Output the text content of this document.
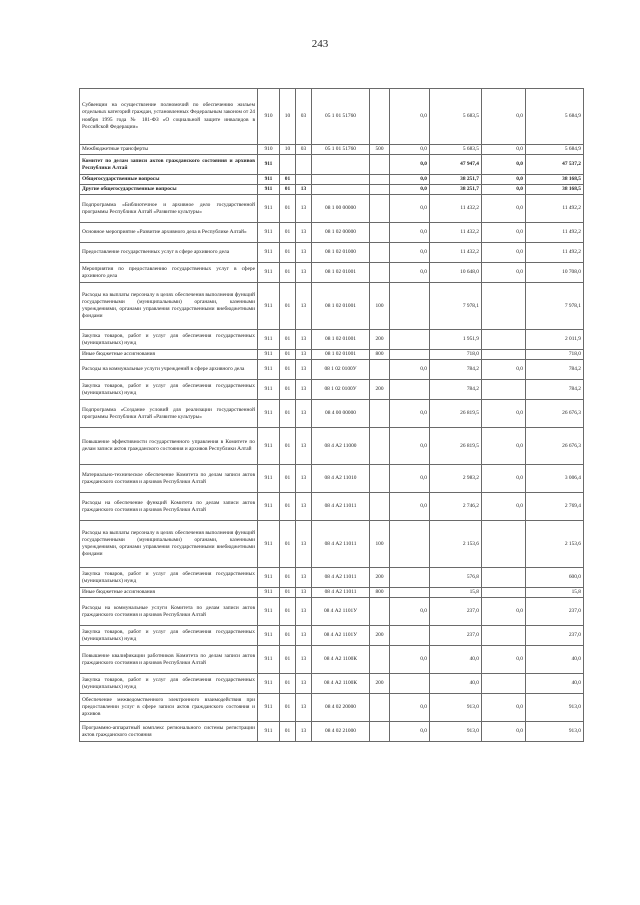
243
Субвенции на осуществление полномочий по обеспечению жильем отдельных категорий граждан, установленных Федеральным законом от 24 ноября 1995 года № 181-ФЗ «О социальной защите инвалидов в Российской Федерации»	910	10	03	05 1 01 51760		0,0	5 683,5	0,0	5 684,9
Межбюджетные трансферты	910	10	03	05 1 01 51760	500	0,0	5 683,5	0,0	5 684,9
Комитет по делам записи актов гражданского состояния и архивов Республики Алтай	911					0,0	47 947,4	0,0	47 537,2
Общегосударственные вопросы	911	01				0,0	38 251,7	0,0	38 168,5
Другие общегосударственные вопросы	911	01	13			0,0	38 251,7	0,0	38 168,5
Подпрограмма «Библиотечное и архивное дело государственной программы Республики Алтай «Развитие культуры»	911	01	13	08 1 00 00000		0,0	11 432,2	0,0	11 492,2
Основное мероприятие «Развитие архивного дела в Республике Алтай»	911	01	13	08 1 02 00000		0,0	11 432,2	0,0	11 492,2
Предоставление государственных услуг в сфере архивного дела	911	01	13	08 1 02 01000		0,0	11 432,2	0,0	11 492,2
Мероприятия по предоставлению государственных услуг в сфере архивного дела	911	01	13	08 1 02 01001		0,0	10 648,0	0,0	10 708,0
Расходы на выплаты персоналу в целях обеспечения выполнения функций государственными (муниципальными) органами, казенными учреждениями, органами управления государственными внебюджетными фондами	911	01	13	08 1 02 01001	100		7 978,1		7 978,1
Закупка товаров, работ и услуг для обеспечения государственных (муниципальных) нужд	911	01	13	08 1 02 01001	200		1 951,9		2 011,9
Иные бюджетные ассигнования	911	01	13	08 1 02 01001	800		718,0		718,0
Расходы на коммунальные услуги учреждений в сфере архивного дела	911	01	13	08 1 02 0100У		0,0	784,2	0,0	784,2
Закупка товаров, работ и услуг для обеспечения государственных (муниципальных) нужд	911	01	13	08 1 02 0100У	200		784,2		784,2
Подпрограмма «Создание условий для реализации государственной программы Республики Алтай «Развитие культуры»	911	01	13	08 4 00 00000		0,0	26 819,5	0,0	26 676,3
Повышение эффективности государственного управления в Комитете по делам записи актов гражданского состояния и архивов Республики Алтай	911	01	13	08 4 А2 11000		0,0	26 819,5	0,0	26 676,3
Материально-техническое обеспечение Комитета по делам записи актов гражданского состояния и архивов Республики Алтай	911	01	13	08 4 А2 11010		0,0	2 983,2	0,0	3 006,4
Расходы на обеспечение функций Комитета по делам записи актов гражданского состояния и архивов Республики Алтай	911	01	13	08 4 А2 11011		0,0	2 746,2	0,0	2 769,4
Расходы на выплаты персоналу в целях обеспечения выполнения функций государственными (муниципальными) органами, казенными учреждениями, органами управления государственными внебюджетными фондами	911	01	13	08 4 А2 11011	100		2 153,6		2 153,6
Закупка товаров, работ и услуг для обеспечения государственных (муниципальных) нужд	911	01	13	08 4 А2 11011	200		576,8		600,0
Иные бюджетные ассигнования	911	01	13	08 4 А2 11011	800		15,8		15,8
Расходы на коммунальные услуги Комитета по делам записи актов гражданского состояния и архивов Республики Алтай	911	01	13	08 4 А2 1101У		0,0	237,0	0,0	237,0
Закупка товаров, работ и услуг для обеспечения государственных (муниципальных) нужд	911	01	13	08 4 А2 1101У	200		237,0		237,0
Повышение квалификации работников Комитета по делам записи актов гражданского состояния и архивов Республики Алтай	911	01	13	08 4 А2 1100К		0,0	40,0	0,0	40,0
Закупка товаров, работ и услуг для обеспечения государственных (муниципальных) нужд	911	01	13	08 4 А2 1100К	200		40,0		40,0
Обеспечение межведомственного электронного взаимодействия при предоставлении услуг в сфере записи актов гражданского состояния и архивов	911	01	13	08 4 02 20000		0,0	913,0	0,0	913,0
Программно-аппаратный комплекс регионального системы регистрации актов гражданского состояния	911	01	13	08 4 02 21000		0,0	913,0	0,0	913,0
